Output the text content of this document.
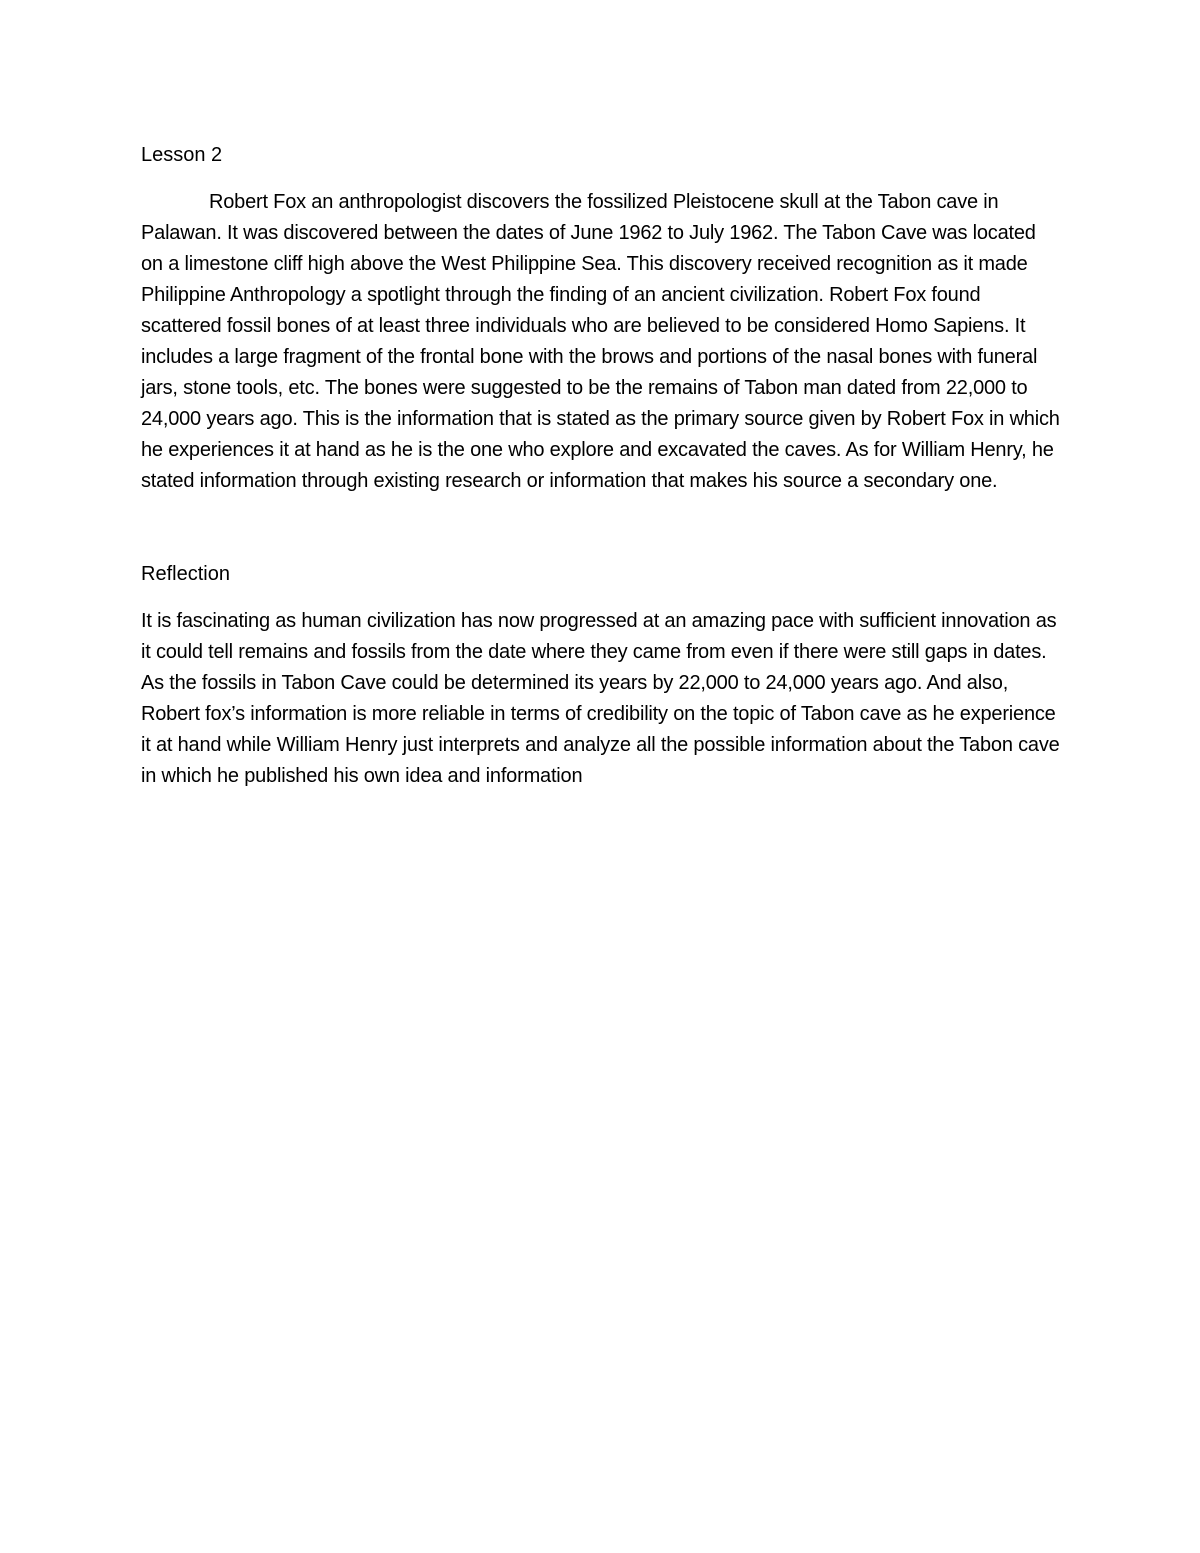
Lesson 2

Robert Fox an anthropologist discovers the fossilized Pleistocene skull at the Tabon cave in Palawan. It was discovered between the dates of June 1962 to July 1962. The Tabon Cave was located on a limestone cliff high above the West Philippine Sea. This discovery received recognition as it made Philippine Anthropology a spotlight through the finding of an ancient civilization. Robert Fox found scattered fossil bones of at least three individuals who are believed to be considered Homo Sapiens. It includes a large fragment of the frontal bone with the brows and portions of the nasal bones with funeral jars, stone tools, etc. The bones were suggested to be the remains of Tabon man dated from 22,000 to 24,000 years ago. This is the information that is stated as the primary source given by Robert Fox in which he experiences it at hand as he is the one who explore and excavated the caves. As for William Henry, he stated information through existing research or information that makes his source a secondary one.

Reflection

It is fascinating as human civilization has now progressed at an amazing pace with sufficient innovation as it could tell remains and fossils from the date where they came from even if there were still gaps in dates. As the fossils in Tabon Cave could be determined its years by 22,000 to 24,000 years ago. And also, Robert fox’s information is more reliable in terms of credibility on the topic of Tabon cave as he experience it at hand while William Henry just interprets and analyze all the possible information about the Tabon cave in which he published his own idea and information
